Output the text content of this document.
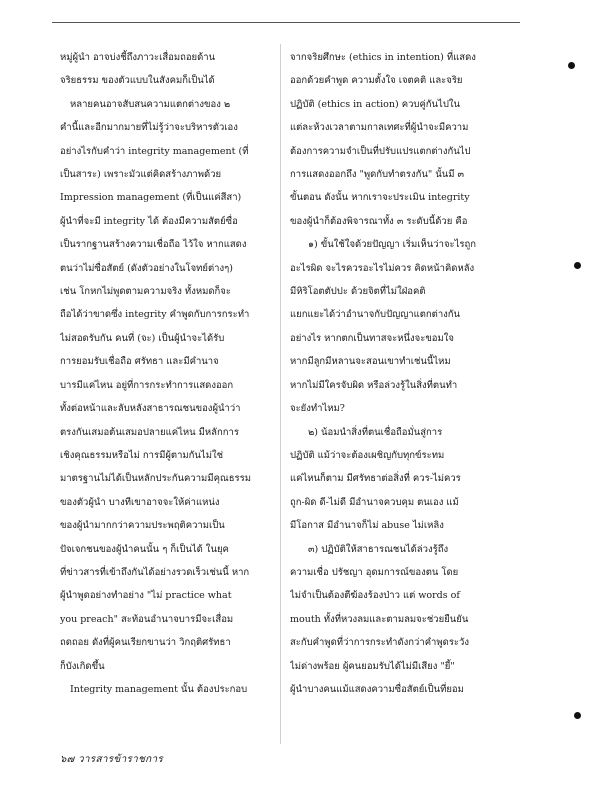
หมู่ผู้นำ อาจบ่งชี้ถึงภาวะเสื่อมถอยด้าน

จริยธรรม ของตัวแบบในสังคมก็เป็นได้

หลายคนอาจสับสนความแตกต่างของ ๒

คำนี้และอีกมากมายที่ไม่รู้ว่าจะบริหารตัวเอง

อย่างไรกับคำว่า integrity management (ที่

เป็นสาระ) เพราะมัวแต่คิดสร้างภาพด้วย

Impression management (ที่เป็นแค่สีสา)

ผู้นำที่จะมี integrity ได้ ต้องมีความสัตย์ซื่อ

เป็นรากฐานสร้างความเชื่อถือ ไว้ใจ หากแสดง

ตนว่าไม่ซื่อสัตย์ (ดังตัวอย่างในโจทย์ต่างๆ)

เช่น โกหกไม่พูดตามความจริง ทั้งหมดก็จะ

ถือได้ว่าขาดซึ่ง integrity คำพูดกับการกระทำ

ไม่สอดรับกัน คนที่ (จะ) เป็นผู้นำจะได้รับ

การยอมรับเชื่อถือ ศรัทธา และมีคำนาจ

บารมีแค่ไหน อยู่ที่การกระทำการแสดงออก

ทั้งต่อหน้าและลับหลังสาธารณชนของผู้นำว่า

ตรงกันเสมอต้นเสมอปลายแค่ไหน มีหลักการ

เชิงคุณธรรมหรือไม่ การมีผู้ตามกันไม่ใช่

มาตรฐานไม่ได้เป็นหลักประกันความมีคุณธรรม

ของตัวผู้นำ บางทีเขาอาจจะให้ค่าแหน่ง

ของผู้นำมากกว่าความประพฤติความเป็น

ปัจเจกชนของผู้นำคนนั้น ๆ ก็เป็นได้ ในยุค

ที่ข่าวสารที่เข้าถึงกันได้อย่างรวดเร็วเช่นนี้ หาก

ผู้นำพูดอย่างทำอย่าง "ไม่ practice what

you preach" สะท้อนอำนาจบารมีจะเสื่อม

ถดถอย ดังที่ผู้คนเรียกขานว่า วิกฤติศรัทธา

ก็บังเกิดขึ้น

Integrity management นั้น ต้องประกอบ

จากจริยศึกษะ (ethics in intention) ที่แสดง

ออกด้วยคำพูด ความตั้งใจ เจตคติ และจริย

ปฏิบัติ (ethics in action) ควบคู่กันไปใน

แต่ละห้วงเวลาตามกาลเทศะที่ผู้นำจะมีความ

ต้องการความจำเป็นที่ปรับแปรแตกต่างกันไป

การแสดงออกถึง "พูดกับทำตรงกัน" นั้นมี ๓

ขั้นตอน ดังนั้น หากเราจะประเมิน integrity

ของผู้นำก็ต้องพิจารณาทั้ง ๓ ระดับนี้ด้วย คือ

๑) ขั้นใช้ใจด้วยปัญญา เริ่มเห็นว่าจะไรถูก

อะไรผิด จะไรควรอะไรไม่ควร คิดหน้าคิดหลัง

มีหิริโอตตัปปะ ด้วยจิตที่ไม่ใฝ่อคติ

แยกแยะได้ว่าอำนาจกับปัญญาแตกต่างกัน

อย่างไร หากตกเป็นทาสจะหนึ่งจะขอมใจ

หากมีลูกมีหลานจะสอนเขาทำเช่นนี้ไหม

หากไม่มีใครจับผิด หรือล่วงรู้ในสิ่งที่ตนทำ

จะยังทำไหม?

๒) น้อมนำสิ่งที่ตนเชื่อถือมั่นสู่การ

ปฏิบัติ แม้ว่าจะต้องเผชิญกับทุกข์ระทม

แค่ไหนก็ตาม มีศรัทธาต่อสิ่งที่ ควร-ไม่ควร

ถูก-ผิด ดี-ไม่ดี มีอำนาจควบคุม ตนเอง แม้

มีโอกาส มีอำนาจก็ไม่ abuse ไม่เหลิง

๓) ปฏิบัติให้สาธารณชนได้ล่วงรู้ถึง

ความเชื่อ ปรัชญา อุดมการณ์ของตน โดย

ไม่จำเป็นต้องตีฆ้องร้องป่าว แต่ words of

mouth ทั้งที่หวงลมและตามลมจะช่วยยืนยัน

สะกับคำพูดที่ว่าการกระทำดังกว่าคำพูดระวัง

ไม่ด่างพร้อย ผู้คนยอมรับได้ไม่มีเสียง "ยี้"

ผู้นำบางคนแม้แสดงความซื่อสัตย์เป็นที่ยอม

๖๗ วารสารข้าราชการ
